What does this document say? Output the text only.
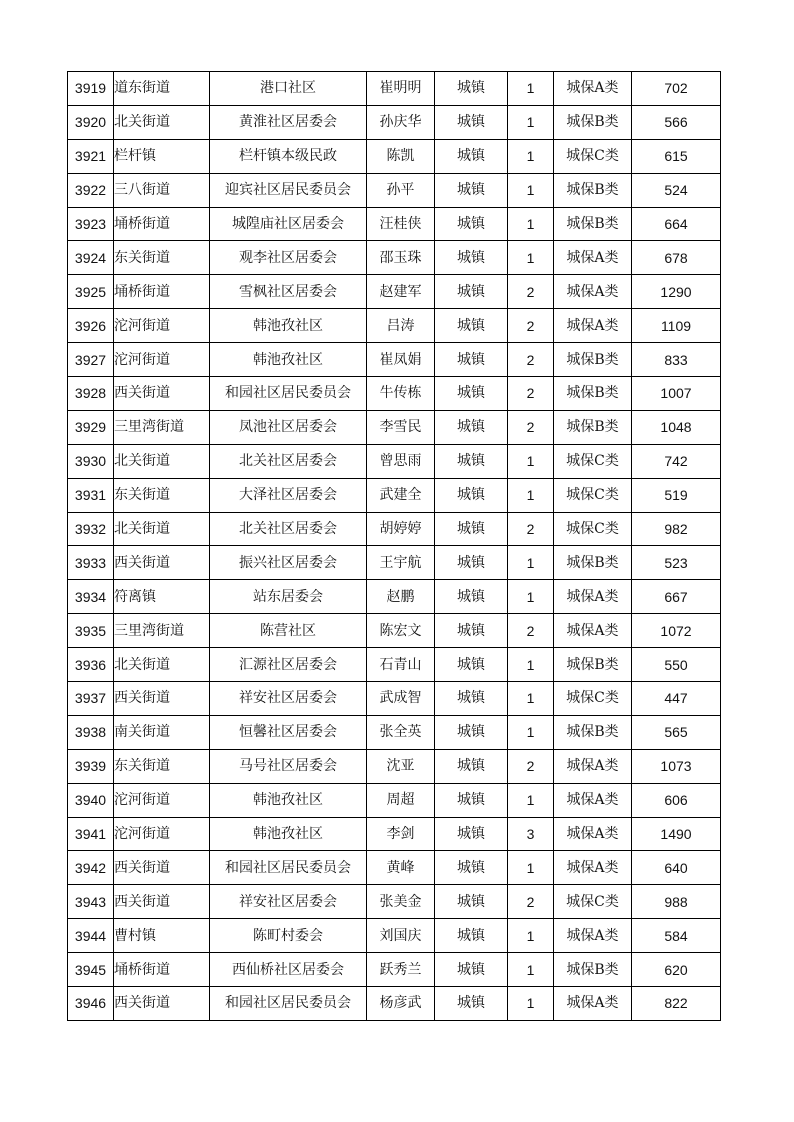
3919	道东街道	港口社区	崔明明	城镇	1	城保A类	702
3920	北关街道	黄淮社区居委会	孙庆华	城镇	1	城保B类	566
3921	栏杆镇	栏杆镇本级民政	陈凯	城镇	1	城保C类	615
3922	三八街道	迎宾社区居民委员会	孙平	城镇	1	城保B类	524
3923	埇桥街道	城隍庙社区居委会	汪桂侠	城镇	1	城保B类	664
3924	东关街道	观李社区居委会	邵玉珠	城镇	1	城保A类	678
3925	埇桥街道	雪枫社区居委会	赵建军	城镇	2	城保A类	1290
3926	沱河街道	韩池孜社区	吕涛	城镇	2	城保A类	1109
3927	沱河街道	韩池孜社区	崔凤娟	城镇	2	城保B类	833
3928	西关街道	和园社区居民委员会	牛传栋	城镇	2	城保B类	1007
3929	三里湾街道	凤池社区居委会	李雪民	城镇	2	城保B类	1048
3930	北关街道	北关社区居委会	曾思雨	城镇	1	城保C类	742
3931	东关街道	大泽社区居委会	武建全	城镇	1	城保C类	519
3932	北关街道	北关社区居委会	胡婷婷	城镇	2	城保C类	982
3933	西关街道	振兴社区居委会	王宇航	城镇	1	城保B类	523
3934	符离镇	站东居委会	赵鹏	城镇	1	城保A类	667
3935	三里湾街道	陈营社区	陈宏文	城镇	2	城保A类	1072
3936	北关街道	汇源社区居委会	石青山	城镇	1	城保B类	550
3937	西关街道	祥安社区居委会	武成智	城镇	1	城保C类	447
3938	南关街道	恒馨社区居委会	张全英	城镇	1	城保B类	565
3939	东关街道	马号社区居委会	沈亚	城镇	2	城保A类	1073
3940	沱河街道	韩池孜社区	周超	城镇	1	城保A类	606
3941	沱河街道	韩池孜社区	李剑	城镇	3	城保A类	1490
3942	西关街道	和园社区居民委员会	黄峰	城镇	1	城保A类	640
3943	西关街道	祥安社区居委会	张美金	城镇	2	城保C类	988
3944	曹村镇	陈町村委会	刘国庆	城镇	1	城保A类	584
3945	埇桥街道	西仙桥社区居委会	跃秀兰	城镇	1	城保B类	620
3946	西关街道	和园社区居民委员会	杨彦武	城镇	1	城保A类	822
